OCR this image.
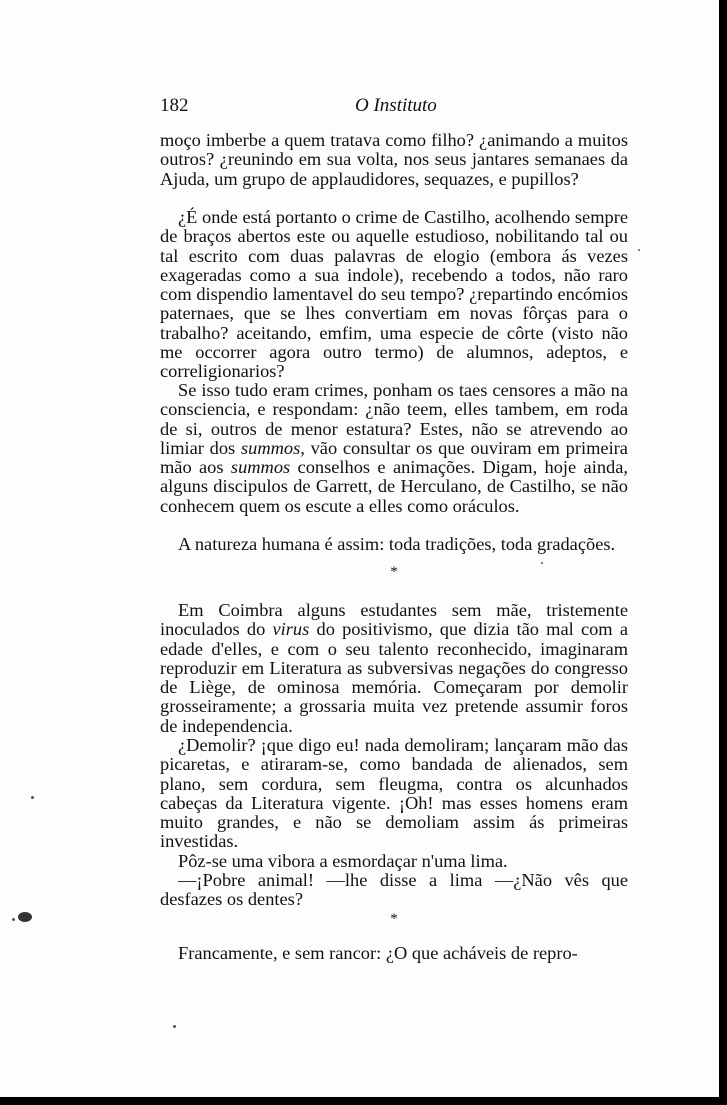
182	O Instituto

moço imberbe a quem tratava como filho? ¿animando a muitos outros? ¿reunindo em sua volta, nos seus jantares semanaes da Ajuda, um grupo de applaudidores, sequazes, e pupillos?

¿É onde está portanto o crime de Castilho, acolhendo sempre de braços abertos este ou aquelle estudioso, nobilitando tal ou tal escrito com duas palavras de elogio (embora ás vezes exageradas como a sua indole), recebendo a todos, não raro com dispendio lamentavel do seu tempo? ¿repartindo encómios paternaes, que se lhes convertiam em novas fôrças para o trabalho? aceitando, emfim, uma especie de côrte (visto não me occorrer agora outro termo) de alumnos, adeptos, e correligionarios?

Se isso tudo eram crimes, ponham os taes censores a mão na consciencia, e respondam: ¿não teem, elles tambem, em roda de si, outros de menor estatura? Estes, não se atrevendo ao limiar dos summos, vão consultar os que ouviram em primeira mão aos summos conselhos e animações. Digam, hoje ainda, alguns discipulos de Garrett, de Herculano, de Castilho, se não conhecem quem os escute a elles como oráculos.

A natureza humana é assim: toda tradições, toda gradações.

*

Em Coimbra alguns estudantes sem mãe, tristemente inoculados do virus do positivismo, que dizia tão mal com a edade d'elles, e com o seu talento reconhecido, imaginaram reproduzir em Literatura as subversivas negações do congresso de Liège, de ominosa memória. Começaram por demolir grosseiramente; a grossaria muita vez pretende assumir foros de independencia.

¿Demolir? ¡que digo eu! nada demoliram; lançaram mão das picaretas, e atiraram-se, como bandada de alienados, sem plano, sem cordura, sem fleugma, contra os alcunhados cabeças da Literatura vigente. ¡Oh! mas esses homens eram muito grandes, e não se demoliam assim ás primeiras investidas.

Pôz-se uma vibora a esmordaçar n'uma lima.

—¡Pobre animal! —lhe disse a lima —¿Não vês que desfazes os dentes?

*

Francamente, e sem rancor: ¿O que acháveis de repro-
